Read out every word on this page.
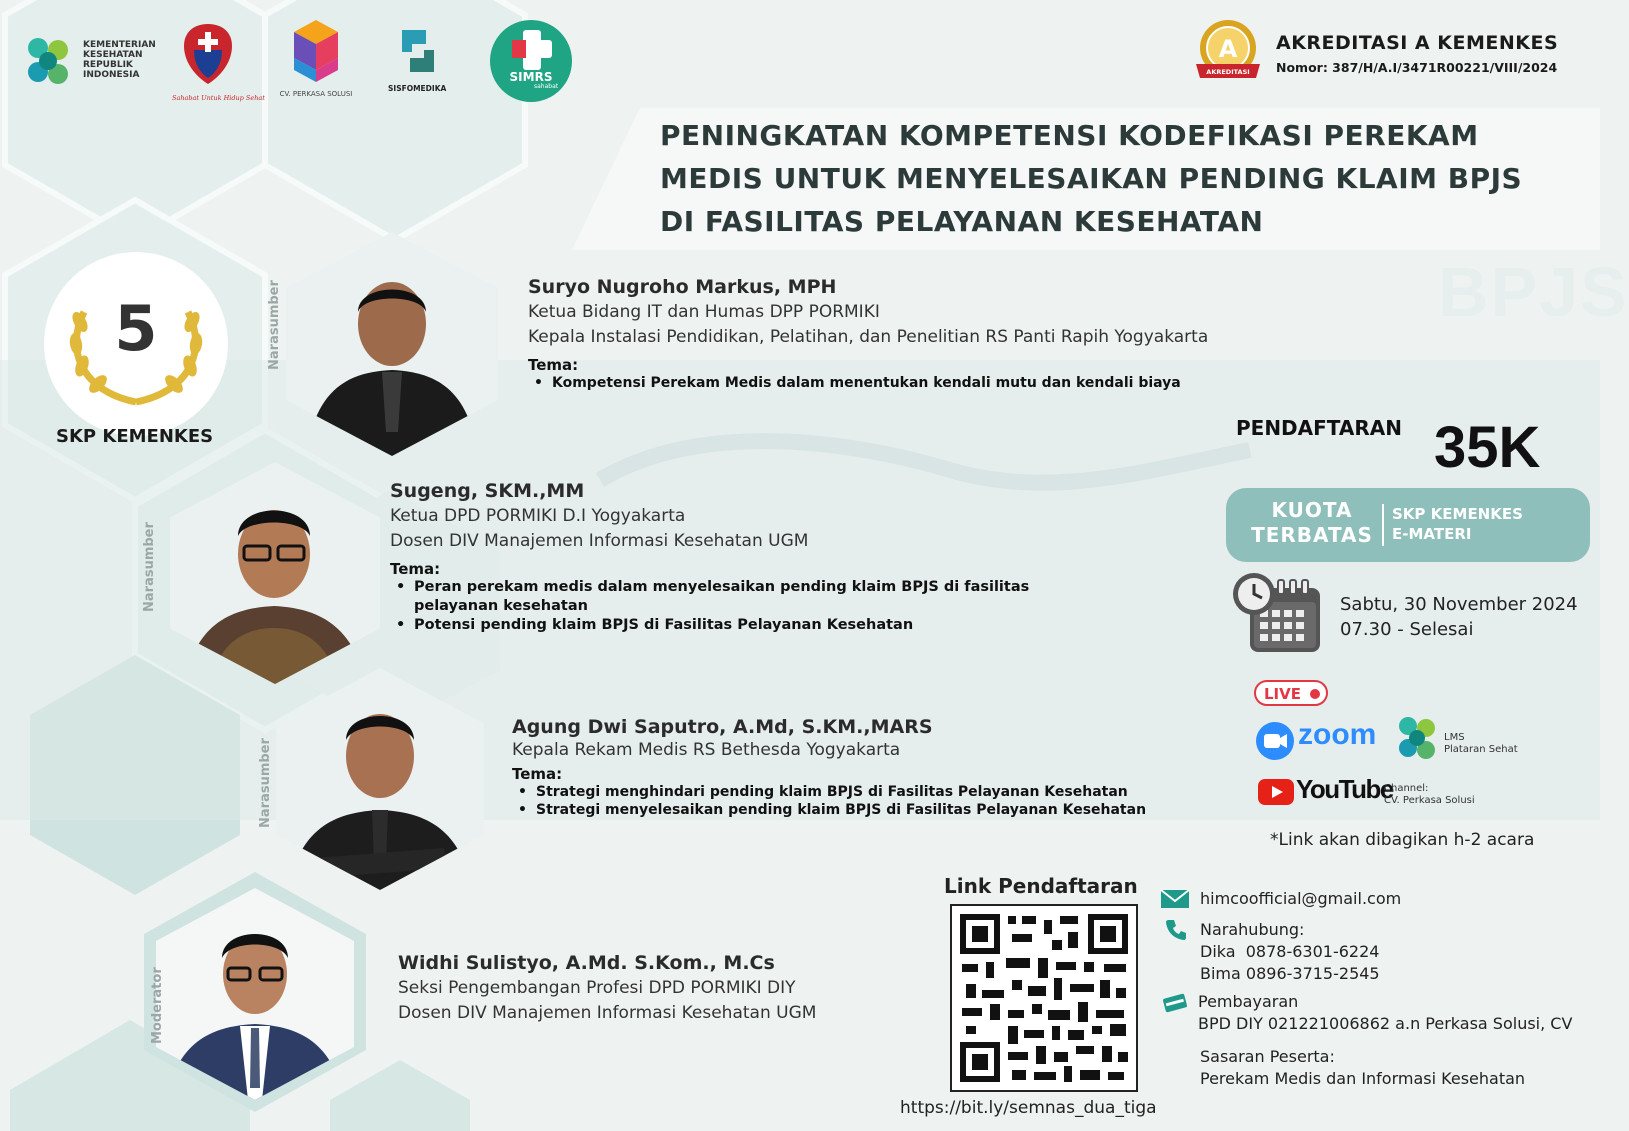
KEMENTERIAN
KESEHATAN
REPUBLIK
INDONESIA
Sahabat Untuk Hidup Sehat	CV. PERKASA SOLUSI
SISFOMEDIKA
SIMRS
sahabat
A
AKREDITASI
AKREDITASI A KEMENKES
Nomor: 387/H/A.I/3471R00221/VIII/2024
PENINGKATAN KOMPETENSI KODEFIKASI PEREKAM
MEDIS UNTUK MENYELESAIKAN PENDING KLAIM BPJS
DI FASILITAS PELAYANAN KESEHATAN
BPJS
5
SKP KEMENKES
Narasumber	Suryo Nugroho Markus, MPH
Ketua Bidang IT dan Humas DPP PORMIKI
Kepala Instalasi Pendidikan, Pelatihan, dan Penelitian RS Panti Rapih Yogyakarta
Tema:
• Kompetensi Perekam Medis dalam menentukan kendali mutu dan kendali biaya
Narasumber
Sugeng, SKM.,MM
Ketua DPD PORMIKI D.I Yogyakarta
Dosen DIV Manajemen Informasi Kesehatan UGM
Tema:
• Peran perekam medis dalam menyelesaikan pending klaim BPJS di fasilitas pelayanan kesehatan
• Potensi pending klaim BPJS di Fasilitas Pelayanan Kesehatan
Narasumber
Agung Dwi Saputro, A.Md, S.KM.,MARS
Kepala Rekam Medis RS Bethesda Yogyakarta
Tema:
• Strategi menghindari pending klaim BPJS di Fasilitas Pelayanan Kesehatan
• Strategi menyelesaikan pending klaim BPJS di Fasilitas Pelayanan Kesehatan
Moderator
Widhi Sulistyo, A.Md. S.Kom., M.Cs
Seksi Pengembangan Profesi DPD PORMIKI DIY
Dosen DIV Manajemen Informasi Kesehatan UGM
PENDAFTARAN 35K
KUOTA
TERBATAS
SKP KEMENKES
E-MATERI
Sabtu, 30 November 2024
07.30 - Selesai
LIVE
zoom	LMS
Plataran Sehat
YouTube
Channel:
CV. Perkasa Solusi
*Link akan dibagikan h-2 acara
Link Pendaftaran
https://bit.ly/semnas_dua_tiga
himcoofficial@gmail.com
Narahubung:
Dika  0878-6301-6224
Bima 0896-3715-2545
Pembayaran
BPD DIY 021221006862 a.n Perkasa Solusi, CV
Sasaran Peserta:
Perekam Medis dan Informasi Kesehatan
